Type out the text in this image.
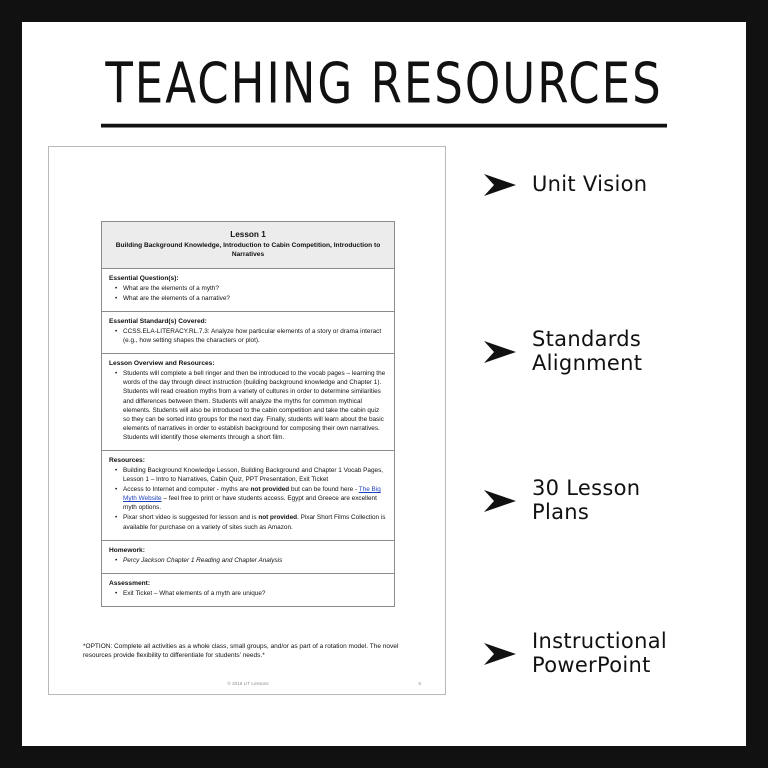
TEACHING RESOURCES
Lesson 1
Building Background Knowledge, Introduction to Cabin Competition, Introduction to Narratives
Essential Question(s):
• What are the elements of a myth?
• What are the elements of a narrative?
Essential Standard(s) Covered:
• CCSS.ELA-LITERACY.RL.7.3: Analyze how particular elements of a story or drama interact (e.g., how setting shapes the characters or plot).
Lesson Overview and Resources:
• Students will complete a bell ringer and then be introduced to the vocab pages – learning the words of the day through direct instruction (building background knowledge and Chapter 1). Students will read creation myths from a variety of cultures in order to determine similarities and differences between them. Students will analyze the myths for common mythical elements. Students will also be introduced to the cabin competition and take the cabin quiz so they can be sorted into groups for the next day. Finally, students will learn about the basic elements of narratives in order to establish background for composing their own narratives. Students will identify those elements through a short film.
Resources:
• Building Background Knowledge Lesson, Building Background and Chapter 1 Vocab Pages, Lesson 1 – Intro to Narratives, Cabin Quiz, PPT Presentation, Exit Ticket
• Access to Internet and computer - myths are not provided but can be found here - The Big Myth Website – feel free to print or have students access. Egypt and Greece are excellent myth options.
• Pixar short video is suggested for lesson and is not provided. Pixar Short Films Collection is available for purchase on a variety of sites such as Amazon.
Homework:
• Percy Jackson Chapter 1 Reading and Chapter Analysis
Assessment:
• Exit Ticket – What elements of a myth are unique?
*OPTION: Complete all activities as a whole class, small groups, and/or as part of a rotation model. The novel resources provide flexibility to differentiate for students’ needs.*
© 2018 LIT Lessons	5
Unit Vision
Standards
Alignment
30 Lesson
Plans
Instructional
PowerPoint
